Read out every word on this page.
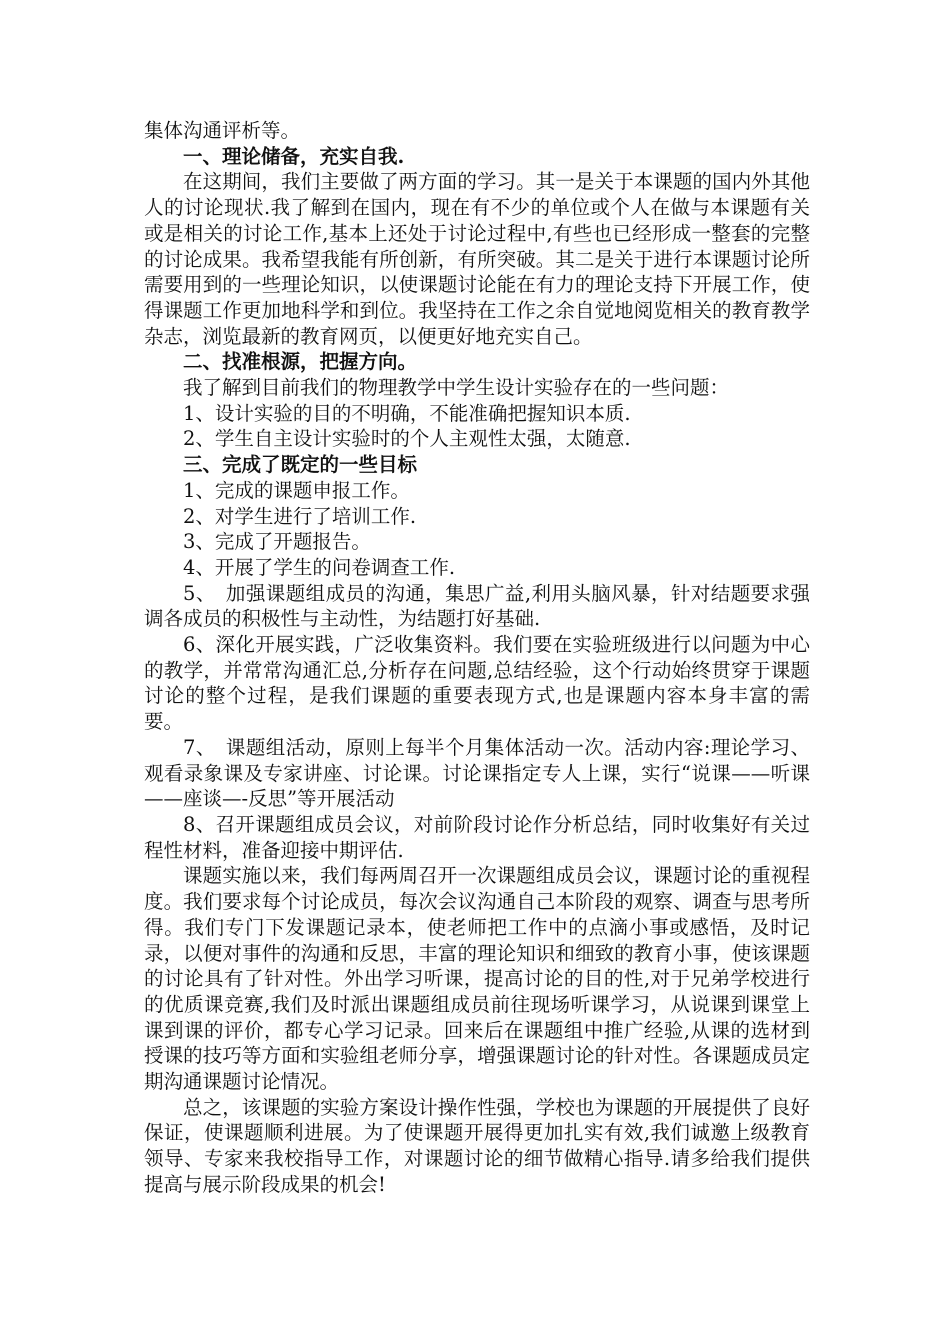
集体沟通评析等。

一、理论储备，充实自我.

在这期间，我们主要做了两方面的学习。其一是关于本课题的国内外其他人的讨论现状.我了解到在国内，现在有不少的单位或个人在做与本课题有关或是相关的讨论工作,基本上还处于讨论过程中,有些也已经形成一整套的完整的讨论成果。我希望我能有所创新，有所突破。其二是关于进行本课题讨论所需要用到的一些理论知识，以使课题讨论能在有力的理论支持下开展工作，使得课题工作更加地科学和到位。我坚持在工作之余自觉地阅览相关的教育教学杂志，浏览最新的教育网页，以便更好地充实自己。

二、找准根源，把握方向。

我了解到目前我们的物理教学中学生设计实验存在的一些问题：

1、设计实验的目的不明确，不能准确把握知识本质.

2、学生自主设计实验时的个人主观性太强，太随意.

三、完成了既定的一些目标

1、完成的课题申报工作。

2、对学生进行了培训工作.

3、完成了开题报告。

4、开展了学生的问卷调查工作.

5、　加强课题组成员的沟通，集思广益,利用头脑风暴，针对结题要求强调各成员的积极性与主动性，为结题打好基础.

6、深化开展实践，广泛收集资料。我们要在实验班级进行以问题为中心的教学，并常常沟通汇总,分析存在问题,总结经验，这个行动始终贯穿于课题讨论的整个过程，是我们课题的重要表现方式,也是课题内容本身丰富的需要。

7、　课题组活动，原则上每半个月集体活动一次。活动内容:理论学习、观看录象课及专家讲座、讨论课。讨论课指定专人上课，实行“说课——听课——座谈—-反思”等开展活动

8、召开课题组成员会议，对前阶段讨论作分析总结，同时收集好有关过程性材料，准备迎接中期评估.

课题实施以来，我们每两周召开一次课题组成员会议，课题讨论的重视程度。我们要求每个讨论成员，每次会议沟通自己本阶段的观察、调查与思考所得。我们专门下发课题记录本，使老师把工作中的点滴小事或感悟，及时记录，以便对事件的沟通和反思，丰富的理论知识和细致的教育小事，使该课题的讨论具有了针对性。外出学习听课，提高讨论的目的性,对于兄弟学校进行的优质课竞赛,我们及时派出课题组成员前往现场听课学习，从说课到课堂上课到课的评价，都专心学习记录。回来后在课题组中推广经验,从课的选材到授课的技巧等方面和实验组老师分享，增强课题讨论的针对性。各课题成员定期沟通课题讨论情况。

总之，该课题的实验方案设计操作性强，学校也为课题的开展提供了良好保证，使课题顺利进展。为了使课题开展得更加扎实有效,我们诚邀上级教育领导、专家来我校指导工作，对课题讨论的细节做精心指导.请多给我们提供提高与展示阶段成果的机会!
